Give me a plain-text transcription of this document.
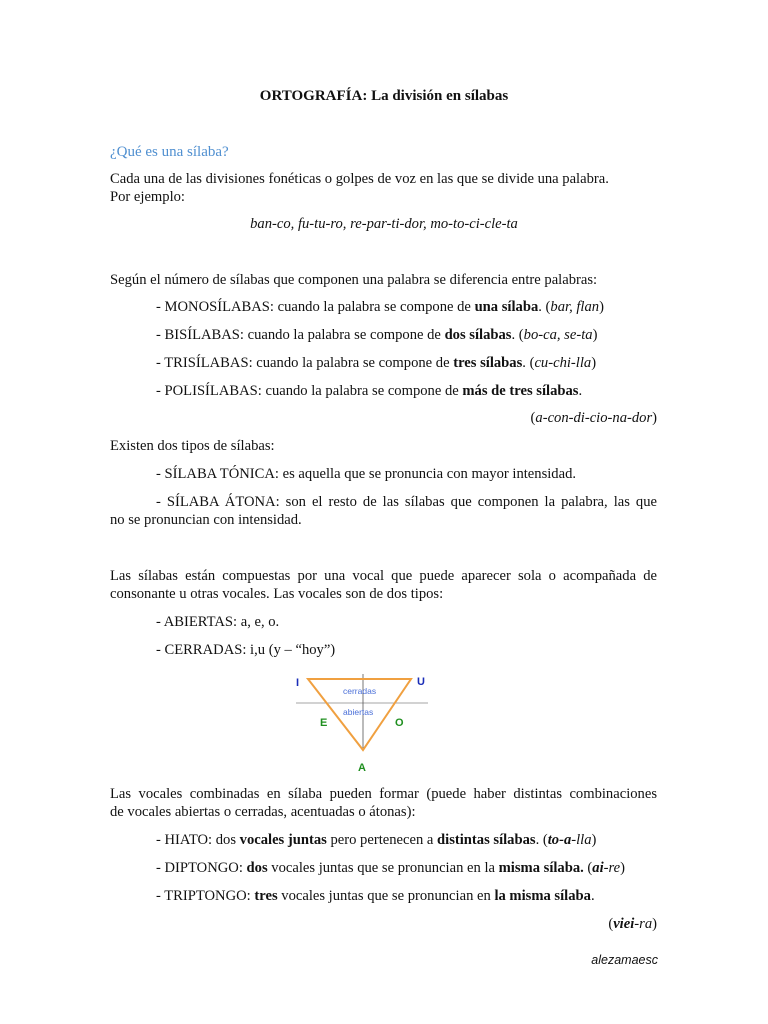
ORTOGRAFÍA: La división en sílabas
¿Qué es una sílaba?
Cada una de las divisiones fonéticas o golpes de voz en las que se divide una palabra.
Por ejemplo:
ban-co, fu-tu-ro, re-par-ti-dor, mo-to-ci-cle-ta
Según el número de sílabas que componen una palabra se diferencia entre palabras:
- MONOSÍLABAS: cuando la palabra se compone de una sílaba. (bar, flan)
- BISÍLABAS: cuando la palabra se compone de dos sílabas. (bo-ca, se-ta)
- TRISÍLABAS: cuando la palabra se compone de tres sílabas. (cu-chi-lla)
- POLISÍLABAS: cuando la palabra se compone de más de tres sílabas.
(a-con-di-cio-na-dor)
Existen dos tipos de sílabas:
- SÍLABA TÓNICA: es aquella que se pronuncia con mayor intensidad.
- SÍLABA ÁTONA: son el resto de las sílabas que componen la palabra, las que
no se pronuncian con intensidad.
Las sílabas están compuestas por una vocal que puede aparecer sola o acompañada de
consonante u otras vocales. Las vocales son de dos tipos:
- ABIERTAS: a, e, o.
- CERRADAS: i,u (y – “hoy”)
I	U
cerradas
abiertas
E	O
A
Las vocales combinadas en sílaba pueden formar (puede haber distintas combinaciones
de vocales abiertas o cerradas, acentuadas o átonas):
- HIATO: dos vocales juntas pero pertenecen a distintas sílabas. (to-a-lla)
- DIPTONGO: dos vocales juntas que se pronuncian en la misma sílaba. (ai-re)
- TRIPTONGO: tres vocales juntas que se pronuncian en la misma sílaba.
(viei-ra)
alezamaesc
